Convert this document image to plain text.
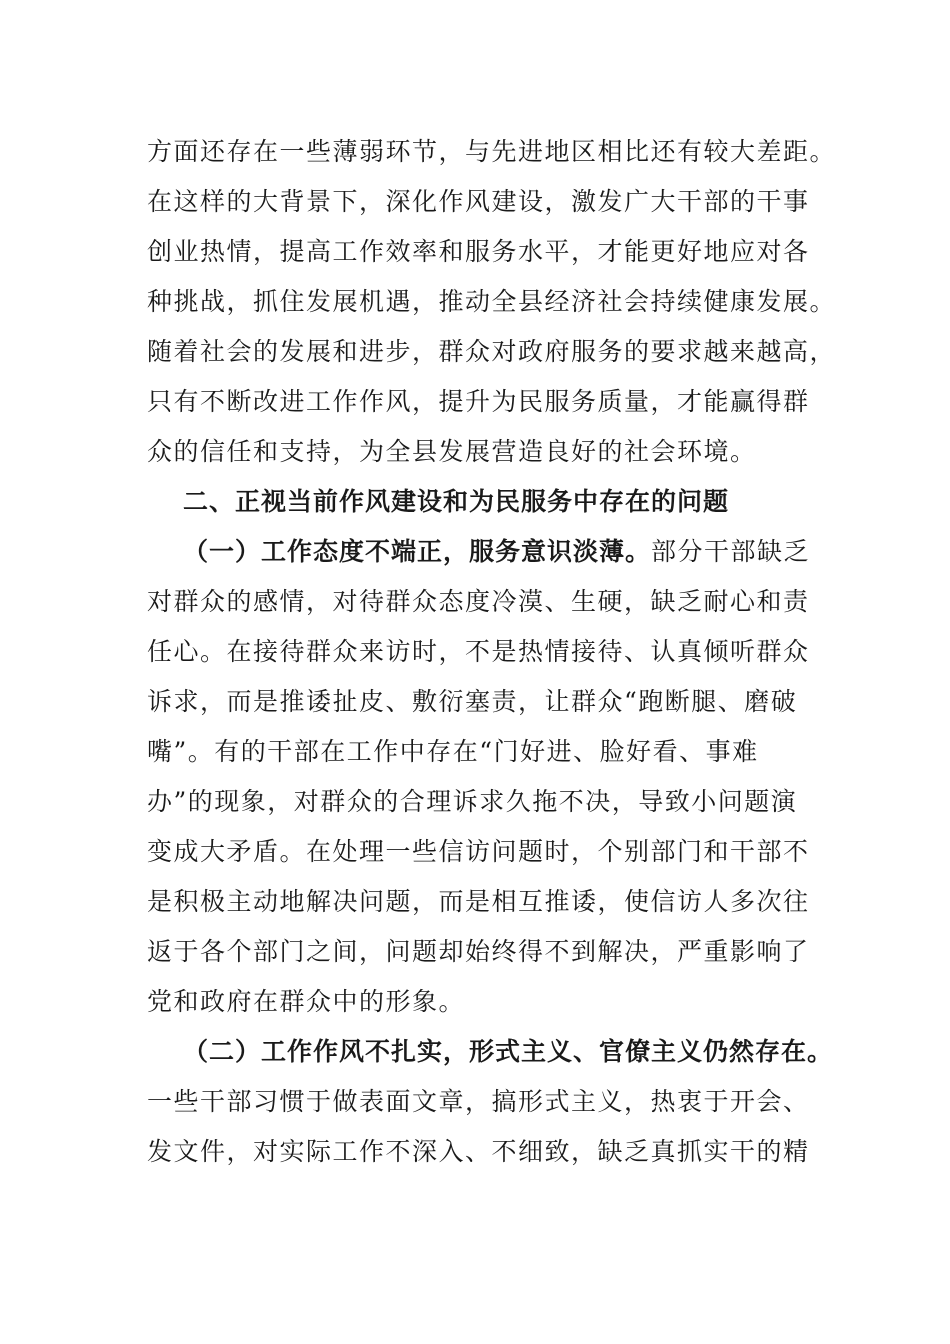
方面还存在一些薄弱环节，与先进地区相比还有较大差距。
在这样的大背景下，深化作风建设，激发广大干部的干事
创业热情，提高工作效率和服务水平，才能更好地应对各
种挑战，抓住发展机遇，推动全县经济社会持续健康发展。
随着社会的发展和进步，群众对政府服务的要求越来越高，
只有不断改进工作作风，提升为民服务质量，才能赢得群
众的信任和支持，为全县发展营造良好的社会环境。
二、正视当前作风建设和为民服务中存在的问题
（一）工作态度不端正，服务意识淡薄。部分干部缺乏
对群众的感情，对待群众态度冷漠、生硬，缺乏耐心和责
任心。在接待群众来访时，不是热情接待、认真倾听群众
诉求，而是推诿扯皮、敷衍塞责，让群众“跑断腿、磨破
嘴”。有的干部在工作中存在“门好进、脸好看、事难
办”的现象，对群众的合理诉求久拖不决，导致小问题演
变成大矛盾。在处理一些信访问题时，个别部门和干部不
是积极主动地解决问题，而是相互推诿，使信访人多次往
返于各个部门之间，问题却始终得不到解决，严重影响了
党和政府在群众中的形象。
（二）工作作风不扎实，形式主义、官僚主义仍然存在。
一些干部习惯于做表面文章，搞形式主义，热衷于开会、
发文件，对实际工作不深入、不细致，缺乏真抓实干的精
